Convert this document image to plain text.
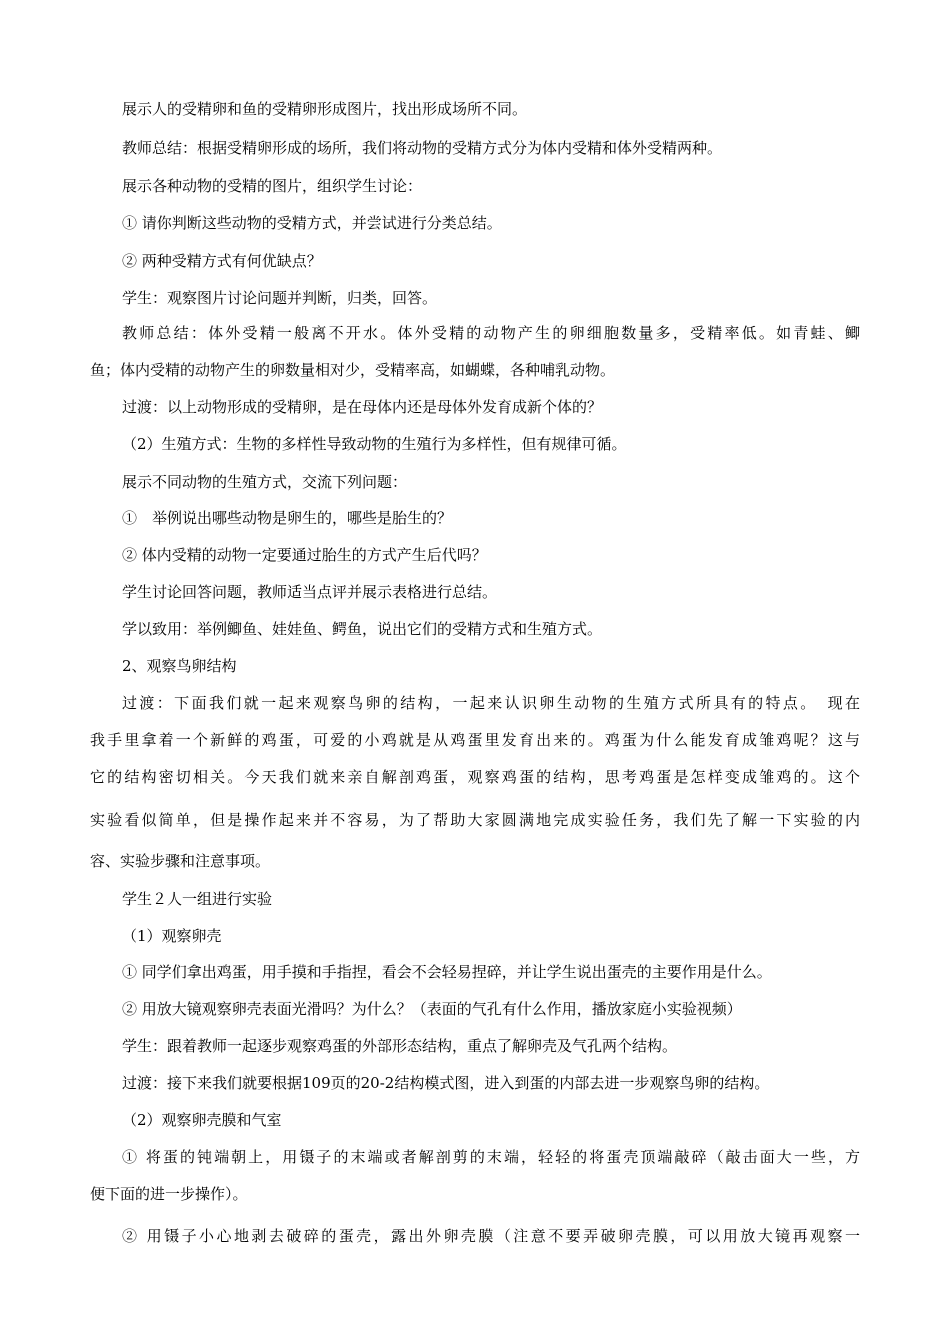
展示人的受精卵和鱼的受精卵形成图片，找出形成场所不同。
教师总结：根据受精卵形成的场所，我们将动物的受精方式分为体内受精和体外受精两种。
展示各种动物的受精的图片，组织学生讨论：
① 请你判断这些动物的受精方式，并尝试进行分类总结。
② 两种受精方式有何优缺点？
学生：观察图片讨论问题并判断，归类，回答。
教师总结：体外受精一般离不开水。体外受精的动物产生的卵细胞数量多，受精率低。如青蛙、鲫
鱼；体内受精的动物产生的卵数量相对少，受精率高，如蝴蝶，各种哺乳动物。
过渡：以上动物形成的受精卵，是在母体内还是母体外发育成新个体的？
（2）生殖方式：生物的多样性导致动物的生殖行为多样性，但有规律可循。
展示不同动物的生殖方式，交流下列问题：
①　举例说出哪些动物是卵生的，哪些是胎生的？
② 体内受精的动物一定要通过胎生的方式产生后代吗？
学生讨论回答问题，教师适当点评并展示表格进行总结。
学以致用：举例鲫鱼、娃娃鱼、鳄鱼，说出它们的受精方式和生殖方式。
2、观察鸟卵结构
过渡：下面我们就一起来观察鸟卵的结构，一起来认识卵生动物的生殖方式所具有的特点。　现在
我手里拿着一个新鲜的鸡蛋，可爱的小鸡就是从鸡蛋里发育出来的。鸡蛋为什么能发育成雏鸡呢？这与
它的结构密切相关。今天我们就来亲自解剖鸡蛋，观察鸡蛋的结构，思考鸡蛋是怎样变成雏鸡的。这个
实验看似简单，但是操作起来并不容易，为了帮助大家圆满地完成实验任务，我们先了解一下实验的内
容、实验步骤和注意事项。
学生２人一组进行实验
（1）观察卵壳
① 同学们拿出鸡蛋，用手摸和手指捏，看会不会轻易捏碎，并让学生说出蛋壳的主要作用是什么。
② 用放大镜观察卵壳表面光滑吗？为什么？（表面的气孔有什么作用，播放家庭小实验视频）
学生：跟着教师一起逐步观察鸡蛋的外部形态结构，重点了解卵壳及气孔两个结构。
过渡：接下来我们就要根据109页的20-2结构模式图，进入到蛋的内部去进一步观察鸟卵的结构。
（2）观察卵壳膜和气室
① 将蛋的钝端朝上，用镊子的末端或者解剖剪的末端，轻轻的将蛋壳顶端敲碎（敲击面大一些，方
便下面的进一步操作）。
② 用镊子小心地剥去破碎的蛋壳，露出外卵壳膜（注意不要弄破卵壳膜，可以用放大镜再观察一
